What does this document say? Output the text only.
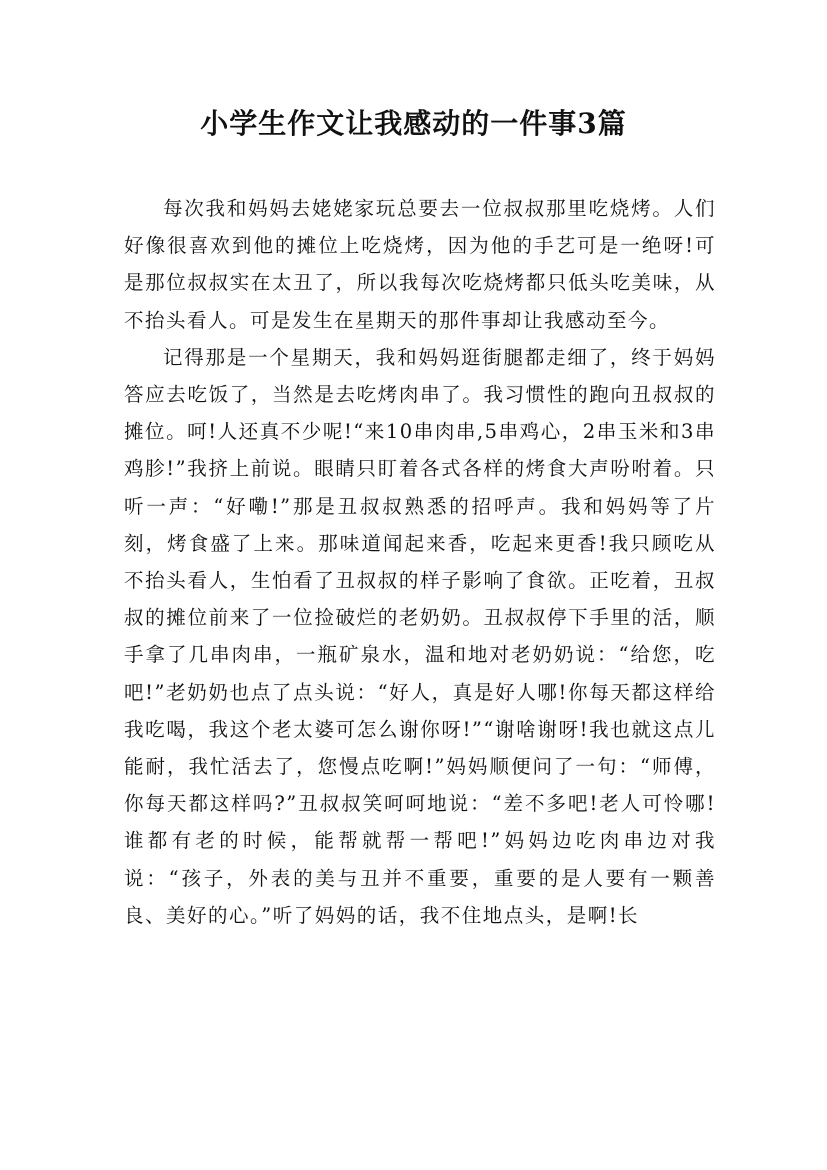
小学生作文让我感动的一件事3篇

每次我和妈妈去姥姥家玩总要去一位叔叔那里吃烧烤。人们好像很喜欢到他的摊位上吃烧烤，因为他的手艺可是一绝呀!可是那位叔叔实在太丑了，所以我每次吃烧烤都只低头吃美味，从不抬头看人。可是发生在星期天的那件事却让我感动至今。

记得那是一个星期天，我和妈妈逛街腿都走细了，终于妈妈答应去吃饭了，当然是去吃烤肉串了。我习惯性的跑向丑叔叔的摊位。呵!人还真不少呢!“来10串肉串,5串鸡心，2串玉米和3串鸡胗!”我挤上前说。眼睛只盯着各式各样的烤食大声吩咐着。只听一声：“好嘞!”那是丑叔叔熟悉的招呼声。我和妈妈等了片刻，烤食盛了上来。那味道闻起来香，吃起来更香!我只顾吃从不抬头看人，生怕看了丑叔叔的样子影响了食欲。正吃着，丑叔叔的摊位前来了一位捡破烂的老奶奶。丑叔叔停下手里的活，顺手拿了几串肉串，一瓶矿泉水，温和地对老奶奶说：“给您，吃吧!”老奶奶也点了点头说：“好人，真是好人哪!你每天都这样给我吃喝，我这个老太婆可怎么谢你呀!”“谢啥谢呀!我也就这点儿能耐，我忙活去了，您慢点吃啊!”妈妈顺便问了一句：“师傅，你每天都这样吗?”丑叔叔笑呵呵地说：“差不多吧!老人可怜哪!谁都有老的时候，能帮就帮一帮吧!”妈妈边吃肉串边对我说：“孩子，外表的美与丑并不重要，重要的是人要有一颗善良、美好的心。”听了妈妈的话，我不住地点头，是啊!长
